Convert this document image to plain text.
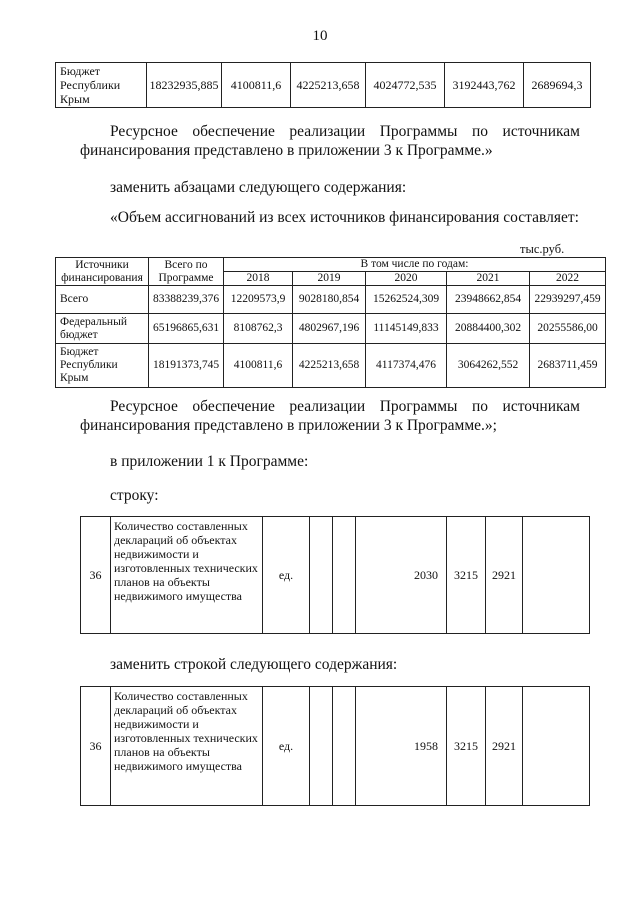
10
Бюджет Республики Крым	18232935,885	4100811,6	4225213,658	4024772,535	3192443,762	2689694,3
Ресурсное обеспечение реализации Программы по источникам
финансирования представлено в приложении 3 к Программе.»
заменить абзацами следующего содержания:
«Объем ассигнований из всех источников финансирования составляет:
тыс.руб.
Источники финансирования	Всего по Программе	В том числе по годам:				
		2018	2019	2020	2021	2022
Всего	83388239,376	12209573,9	9028180,854	15262524,309	23948662,854	22939297,459
Федеральный бюджет	65196865,631	8108762,3	4802967,196	11145149,833	20884400,302	20255586,00
Бюджет Республики Крым	18191373,745	4100811,6	4225213,658	4117374,476	3064262,552	2683711,459
Ресурсное обеспечение реализации Программы по источникам
финансирования представлено в приложении 3 к Программе.»;
в приложении 1 к Программе:
строку:
36	Количество составленных деклараций об объектах недвижимости и изготовленных технических планов на объекты недвижимого имущества	ед.			2030	3215	2921	
заменить строкой следующего содержания:
36	Количество составленных деклараций об объектах недвижимости и изготовленных технических планов на объекты недвижимого имущества	ед.			1958	3215	2921	
